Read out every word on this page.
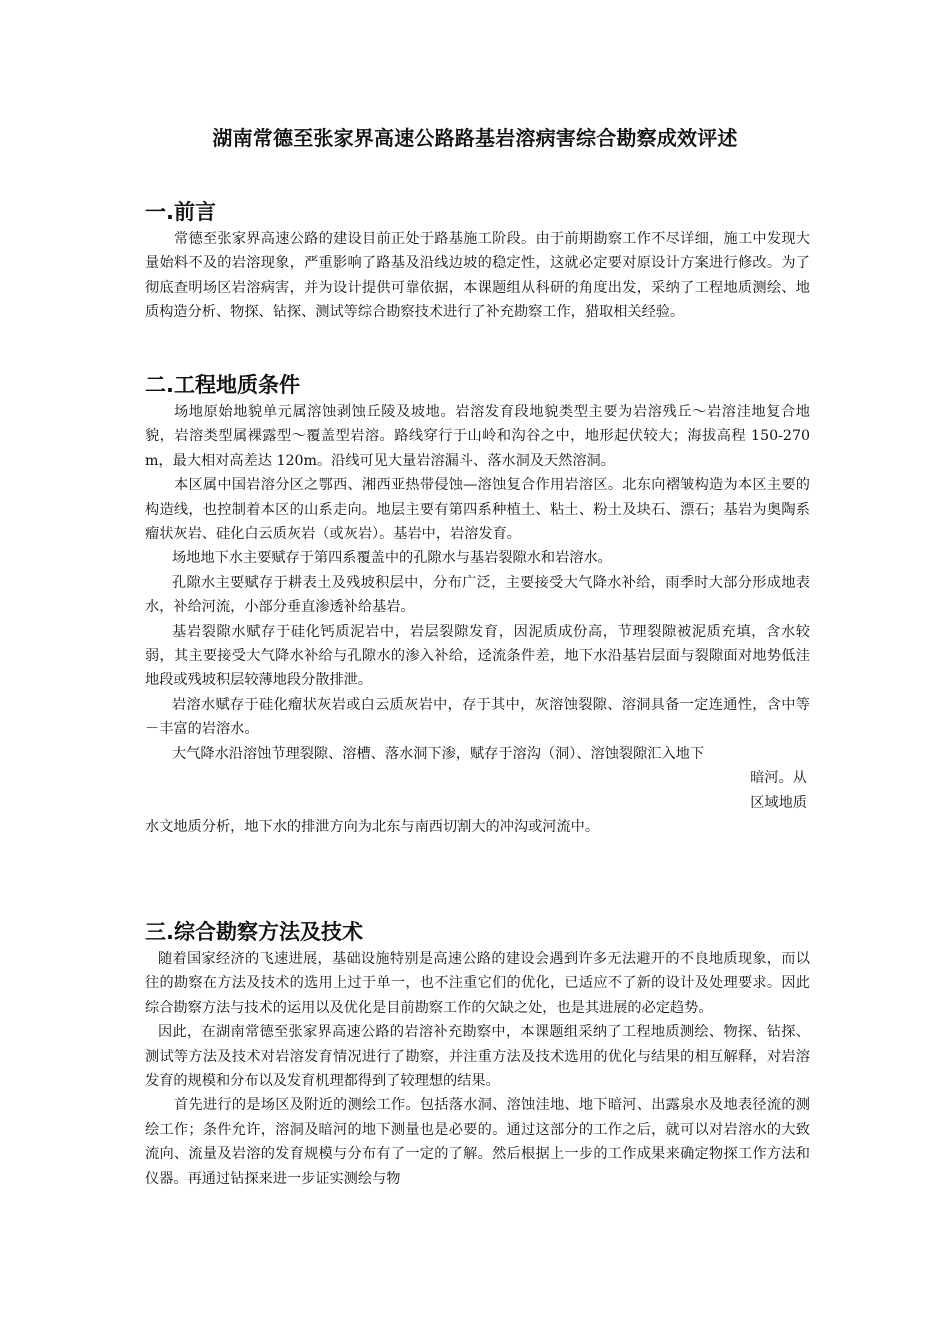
湖南常德至张家界高速公路路基岩溶病害综合勘察成效评述
一.前言

常德至张家界高速公路的建设目前正处于路基施工阶段。由于前期勘察工作不尽详细，施工中发现大量始料不及的岩溶现象，严重影响了路基及沿线边坡的稳定性，这就必定要对原设计方案进行修改。为了彻底查明场区岩溶病害，并为设计提供可靠依据，本课题组从科研的角度出发，采纳了工程地质测绘、地质构造分析、物探、钻探、测试等综合勘察技术进行了补充勘察工作，猎取相关经验。

二.工程地质条件

场地原始地貌单元属溶蚀剥蚀丘陵及坡地。岩溶发育段地貌类型主要为岩溶残丘～岩溶洼地复合地貌，岩溶类型属裸露型～覆盖型岩溶。路线穿行于山岭和沟谷之中，地形起伏较大；海拔高程 150-270m，最大相对高差达 120m。沿线可见大量岩溶漏斗、落水洞及天然溶洞。

本区属中国岩溶分区之鄂西、湘西亚热带侵蚀—溶蚀复合作用岩溶区。北东向褶皱构造为本区主要的构造线，也控制着本区的山系走向。地层主要有第四系种植土、粘土、粉土及块石、漂石；基岩为奥陶系瘤状灰岩、硅化白云质灰岩（或灰岩）。基岩中，岩溶发育。

场地地下水主要赋存于第四系覆盖中的孔隙水与基岩裂隙水和岩溶水。

孔隙水主要赋存于耕表土及残坡积层中，分布广泛，主要接受大气降水补给，雨季时大部分形成地表水，补给河流，小部分垂直渗透补给基岩。

基岩裂隙水赋存于硅化钙质泥岩中，岩层裂隙发育，因泥质成份高，节理裂隙被泥质充填，含水较弱，其主要接受大气降水补给与孔隙水的渗入补给，迳流条件差，地下水沿基岩层面与裂隙面对地势低洼地段或残坡积层较薄地段分散排泄。

岩溶水赋存于硅化瘤状灰岩或白云质灰岩中，存于其中，灰溶蚀裂隙、溶洞具备一定连通性，含中等－丰富的岩溶水。

大气降水沿溶蚀节理裂隙、溶槽、落水洞下渗，赋存于溶沟（洞）、溶蚀裂隙汇入地下

暗河。从

区域地质

水文地质分析，地下水的排泄方向为北东与南西切割大的冲沟或河流中。

三.综合勘察方法及技术

随着国家经济的飞速进展，基础设施特别是高速公路的建设会遇到许多无法避开的不良地质现象，而以往的勘察在方法及技术的选用上过于单一，也不注重它们的优化，已适应不了新的设计及处理要求。因此综合勘察方法与技术的运用以及优化是目前勘察工作的欠缺之处，也是其进展的必定趋势。

因此，在湖南常德至张家界高速公路的岩溶补充勘察中，本课题组采纳了工程地质测绘、物探、钻探、测试等方法及技术对岩溶发育情况进行了勘察，并注重方法及技术选用的优化与结果的相互解释，对岩溶发育的规模和分布以及发育机理都得到了较理想的结果。

首先进行的是场区及附近的测绘工作。包括落水洞、溶蚀洼地、地下暗河、出露泉水及地表径流的测绘工作；条件允许，溶洞及暗河的地下测量也是必要的。通过这部分的工作之后，就可以对岩溶水的大致流向、流量及岩溶的发育规模与分布有了一定的了解。然后根据上一步的工作成果来确定物探工作方法和仪器。再通过钻探来进一步证实测绘与物
